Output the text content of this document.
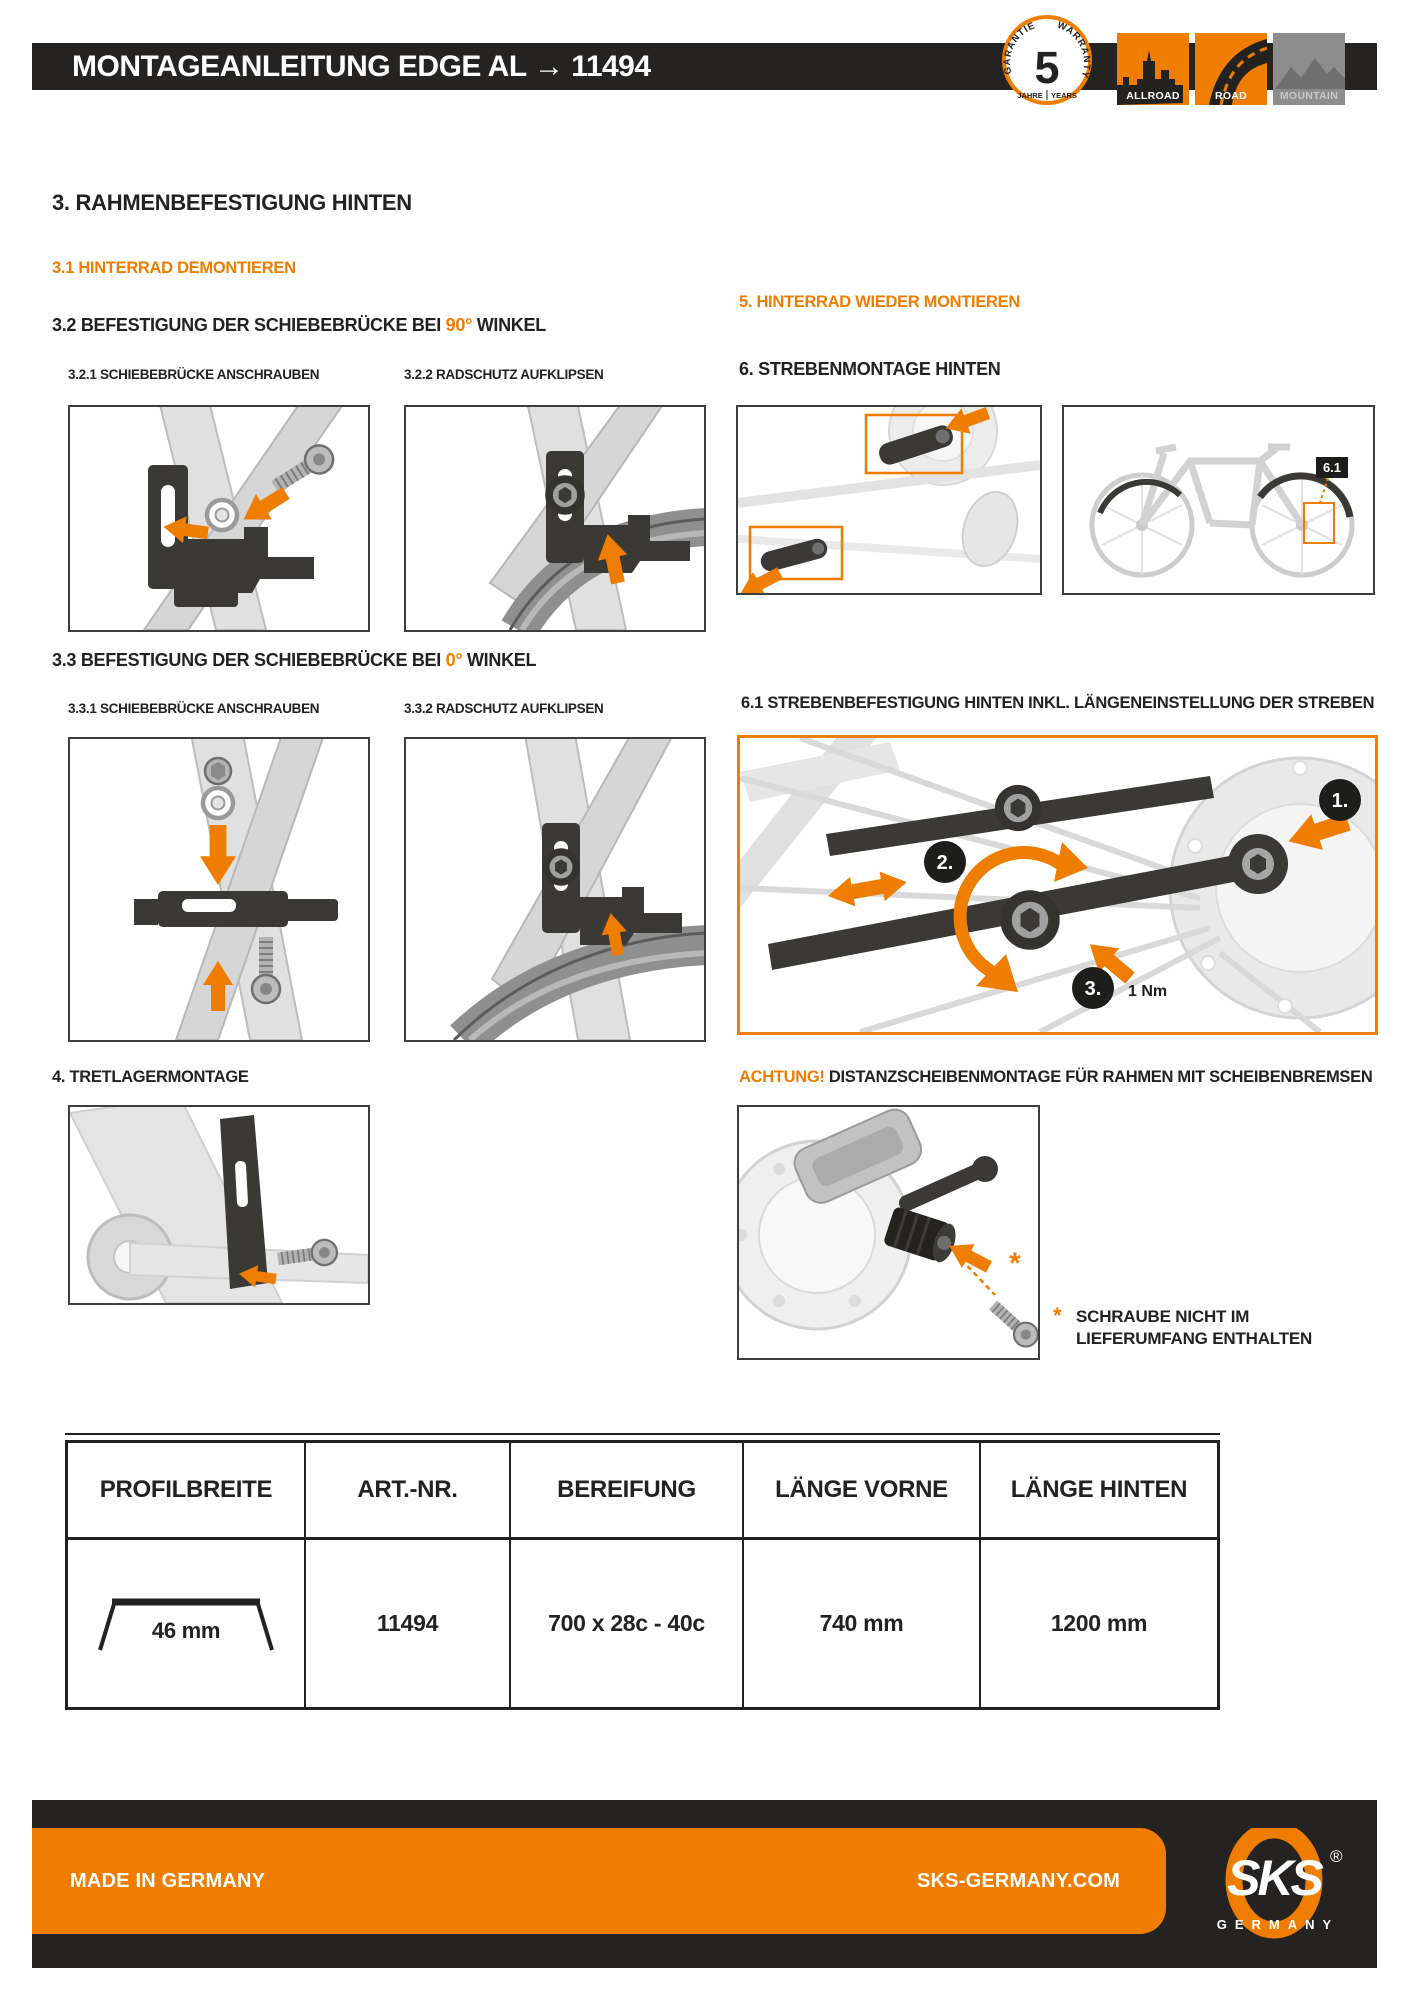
MONTAGEANLEITUNG EDGE AL → 11494	GARANTIE WARRANTY
5
JAHRE YEARS	ALLROAD	ROAD	MOUNTAIN
3. RAHMENBEFESTIGUNG HINTEN
3.1 HINTERRAD DEMONTIEREN
3.2 BEFESTIGUNG DER SCHIEBEBRÜCKE BEI 90° WINKEL
3.2.1 SCHIEBEBRÜCKE ANSCHRAUBEN	3.2.2 RADSCHUTZ AUFKLIPSEN
5. HINTERRAD WIEDER MONTIEREN
6. STREBENMONTAGE HINTEN
6.1
3.3 BEFESTIGUNG DER SCHIEBEBRÜCKE BEI 0° WINKEL
3.3.1 SCHIEBEBRÜCKE ANSCHRAUBEN	3.3.2 RADSCHUTZ AUFKLIPSEN	6.1 STREBENBEFESTIGUNG HINTEN INKL. LÄNGENEINSTELLUNG DER STREBEN
1.
2.
3. 1 Nm
4. TRETLAGERMONTAGE	ACHTUNG! DISTANZSCHEIBENMONTAGE FÜR RAHMEN MIT SCHEIBENBREMSEN
*
* SCHRAUBE NICHT IM
LIEFERUMFANG ENTHALTEN
PROFILBREITE	ART.-NR.	BEREIFUNG	LÄNGE VORNE	LÄNGE HINTEN
46 mm	11494	700 x 28c - 40c	740 mm	1200 mm
MADE IN GERMANY	SKS-GERMANY.COM SKS ®
GERMANY
